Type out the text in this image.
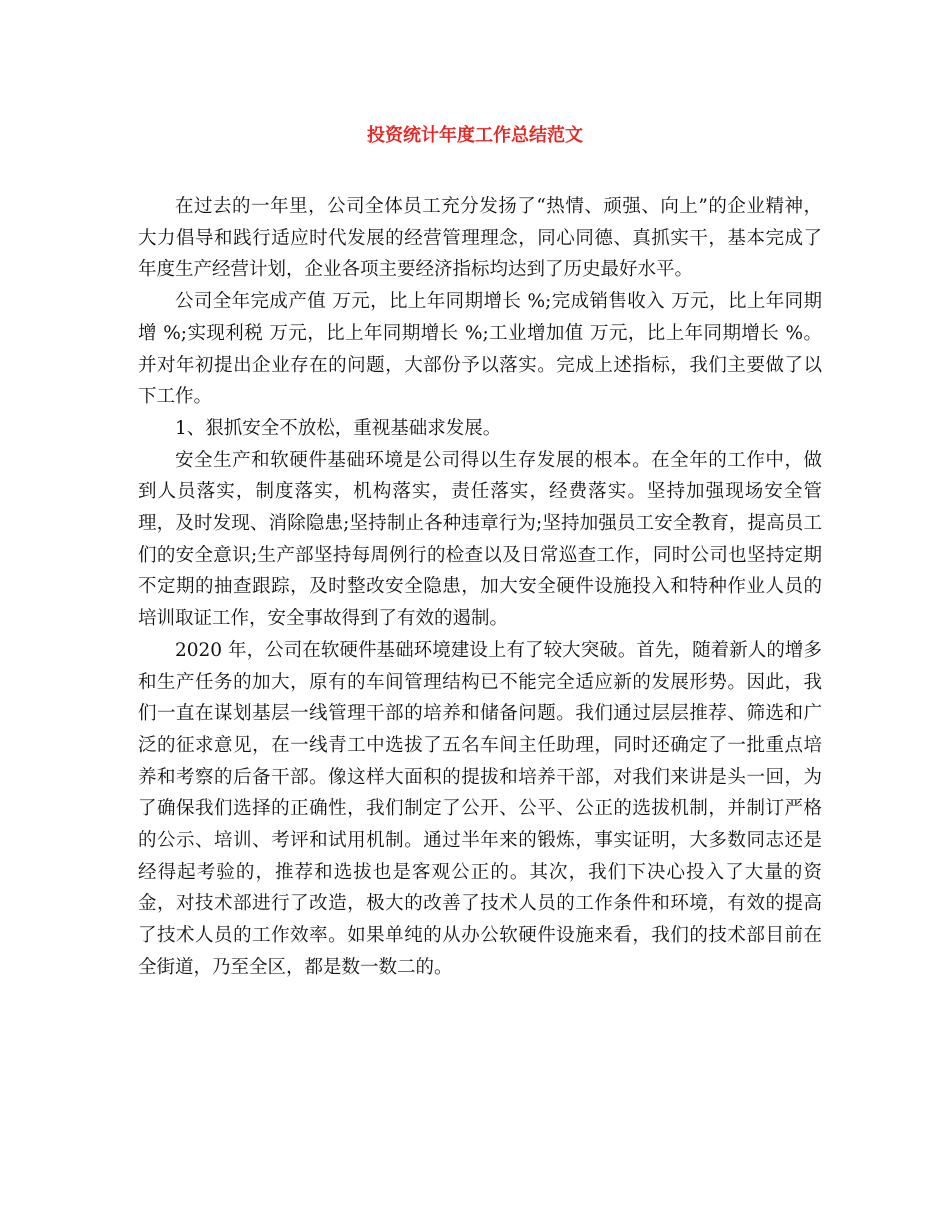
投资统计年度工作总结范文

在过去的一年里，公司全体员工充分发扬了“热情、顽强、向上”的企业精神，大力倡导和践行适应时代发展的经营管理理念，同心同德、真抓实干，基本完成了年度生产经营计划，企业各项主要经济指标均达到了历史最好水平。

公司全年完成产值 万元，比上年同期增长 %;完成销售收入 万元，比上年同期增 %;实现利税 万元，比上年同期增长 %;工业增加值 万元，比上年同期增长 %。并对年初提出企业存在的问题，大部份予以落实。完成上述指标，我们主要做了以下工作。

1、狠抓安全不放松，重视基础求发展。

安全生产和软硬件基础环境是公司得以生存发展的根本。在全年的工作中，做到人员落实，制度落实，机构落实，责任落实，经费落实。坚持加强现场安全管理，及时发现、消除隐患;坚持制止各种违章行为;坚持加强员工安全教育，提高员工们的安全意识;生产部坚持每周例行的检查以及日常巡查工作，同时公司也坚持定期不定期的抽查跟踪，及时整改安全隐患，加大安全硬件设施投入和特种作业人员的培训取证工作，安全事故得到了有效的遏制。

2020 年，公司在软硬件基础环境建设上有了较大突破。首先，随着新人的增多和生产任务的加大，原有的车间管理结构已不能完全适应新的发展形势。因此，我们一直在谋划基层一线管理干部的培养和储备问题。我们通过层层推荐、筛选和广泛的征求意见，在一线青工中选拔了五名车间主任助理，同时还确定了一批重点培养和考察的后备干部。像这样大面积的提拔和培养干部，对我们来讲是头一回，为了确保我们选择的正确性，我们制定了公开、公平、公正的选拔机制，并制订严格的公示、培训、考评和试用机制。通过半年来的锻炼，事实证明，大多数同志还是经得起考验的，推荐和选拔也是客观公正的。其次，我们下决心投入了大量的资金，对技术部进行了改造，极大的改善了技术人员的工作条件和环境，有效的提高了技术人员的工作效率。如果单纯的从办公软硬件设施来看，我们的技术部目前在全街道，乃至全区，都是数一数二的。
